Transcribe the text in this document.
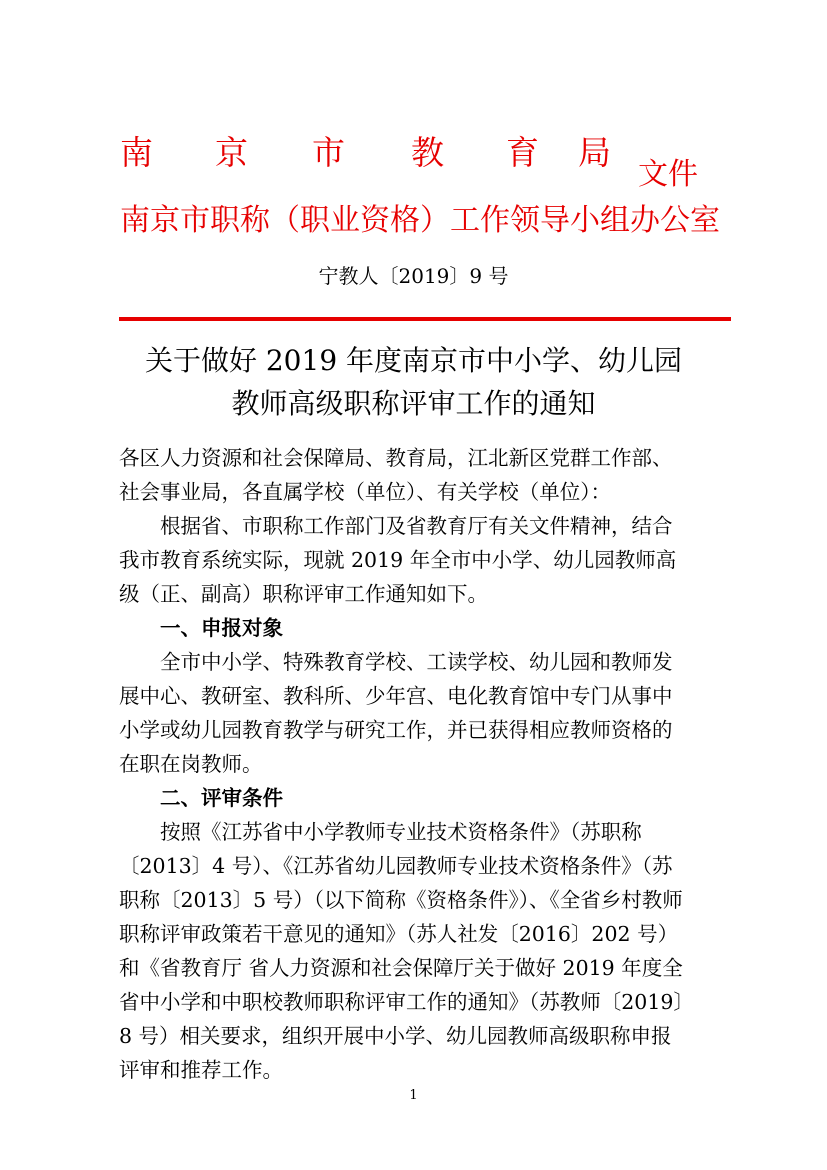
南 京 市 教 育 局
文件
南京市职称（职业资格）工作领导小组办公室
宁教人〔2019〕9 号
关于做好 2019 年度南京市中小学、幼儿园
教师高级职称评审工作的通知
各区人力资源和社会保障局、教育局，江北新区党群工作部、
社会事业局，各直属学校（单位）、有关学校（单位）：
　　根据省、市职称工作部门及省教育厅有关文件精神，结合
我市教育系统实际，现就 2019 年全市中小学、幼儿园教师高
级（正、副高）职称评审工作通知如下。
　　一、申报对象
　　全市中小学、特殊教育学校、工读学校、幼儿园和教师发
展中心、教研室、教科所、少年宫、电化教育馆中专门从事中
小学或幼儿园教育教学与研究工作，并已获得相应教师资格的
在职在岗教师。
　　二、评审条件
　　按照《江苏省中小学教师专业技术资格条件》（苏职称
〔2013〕4 号）、《江苏省幼儿园教师专业技术资格条件》（苏
职称〔2013〕5 号）（以下简称《资格条件》）、《全省乡村教师
职称评审政策若干意见的通知》（苏人社发〔2016〕202 号）
和《省教育厅 省人力资源和社会保障厅关于做好 2019 年度全
省中小学和中职校教师职称评审工作的通知》（苏教师〔2019〕
8 号）相关要求，组织开展中小学、幼儿园教师高级职称申报
评审和推荐工作。
1
